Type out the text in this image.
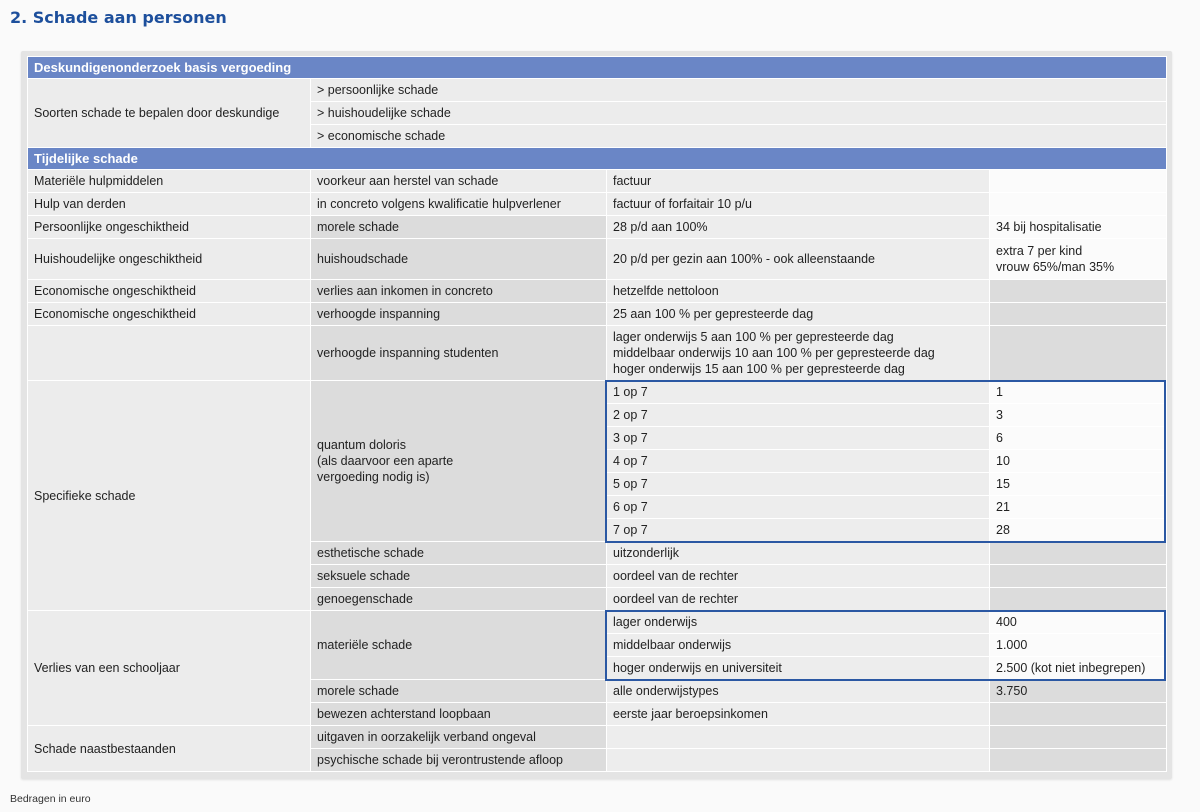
2. Schade aan personen
Deskundigenonderzoek basis vergoeding			
Soorten schade te bepalen door deskundige	> persoonlijke schade		
	> huishoudelijke schade		
	> economische schade		
Tijdelijke schade			
Materiële hulpmiddelen	voorkeur aan herstel van schade	factuur	
Hulp van derden	in concreto volgens kwalificatie hulpverlener	factuur of forfaitair 10 p/u	
Persoonlijke ongeschiktheid	morele schade	28 p/d aan 100%	34 bij hospitalisatie
Huishoudelijke ongeschiktheid	huishoudschade	20 p/d per gezin aan 100% - ook alleenstaande	extra 7 per kind
vrouw 65%/man 35%

Economische ongeschiktheid	verlies aan inkomen in concreto	hetzelfde nettoloon	
Economische ongeschiktheid	verhoogde inspanning	25 aan 100 % per gepresteerde dag	
	verhoogde inspanning studenten	lager onderwijs 5 aan 100 % per gepresteerde dag
middelbaar onderwijs 10 aan 100 % per gepresteerde dag
hoger onderwijs 15 aan 100 % per gepresteerde dag	

Specifieke schade	quantum doloris
(als daarvoor een aparte
vergoeding nodig is)	1 op 7	1
		2 op 7	3
		3 op 7	6
		4 op 7	10
		5 op 7	15
		6 op 7	21
		7 op 7	28
	esthetische schade	uitzonderlijk	
	seksuele schade	oordeel van de rechter	
	genoegenschade	oordeel van de rechter	
Verlies van een schooljaar	materiële schade	lager onderwijs	400
		middelbaar onderwijs	1.000
		hoger onderwijs en universiteit	2.500 (kot niet inbegrepen)
	morele schade	alle onderwijstypes	3.750
	bewezen achterstand loopbaan	eerste jaar beroepsinkomen	
Schade naastbestaanden	uitgaven in oorzakelijk verband ongeval		
	psychische schade bij verontrustende afloop		
Bedragen in euro
